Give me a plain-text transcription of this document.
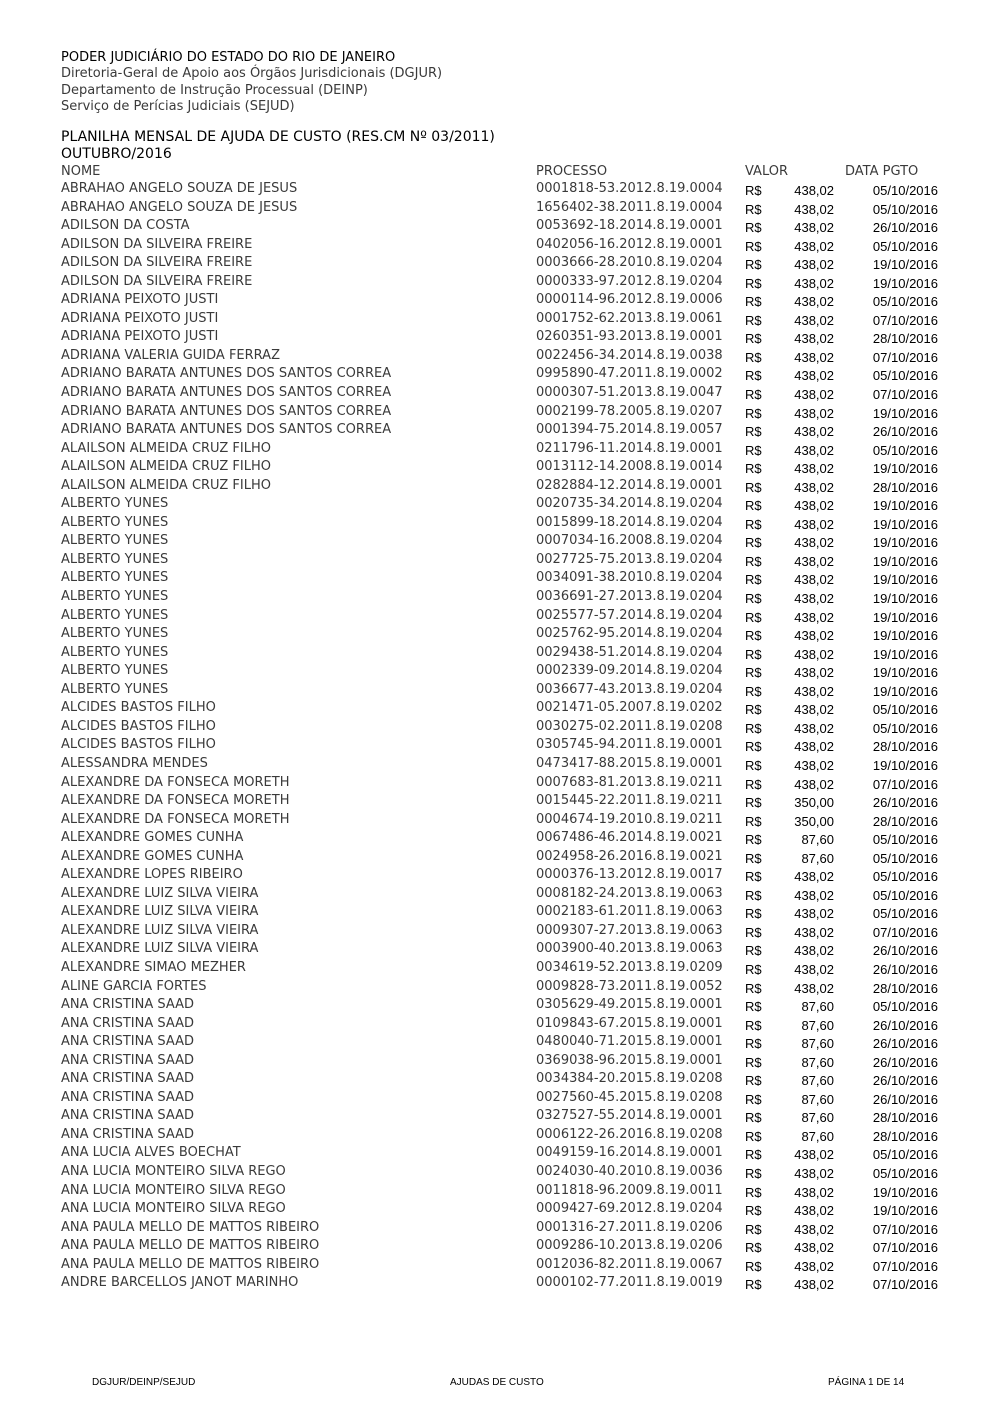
PODER JUDICIÁRIO DO ESTADO DO RIO DE JANEIRO
Diretoria-Geral de Apoio aos Órgãos Jurisdicionais (DGJUR)
Departamento de Instrução Processual (DEINP)
Serviço de Perícias Judiciais (SEJUD)
PLANILHA MENSAL DE AJUDA DE CUSTO (RES.CM Nº 03/2011)
OUTUBRO/2016
NOME	PROCESSO	VALOR	DATA PGTO
ABRAHAO ANGELO SOUZA DE JESUS	0001818-53.2012.8.19.0004 R$	438,02	05/10/2016
ABRAHAO ANGELO SOUZA DE JESUS	1656402-38.2011.8.19.0004 R$	438,02	05/10/2016
ADILSON DA COSTA	0053692-18.2014.8.19.0001 R$	438,02	26/10/2016
ADILSON DA SILVEIRA FREIRE	0402056-16.2012.8.19.0001 R$	438,02	05/10/2016
ADILSON DA SILVEIRA FREIRE	0003666-28.2010.8.19.0204 R$	438,02	19/10/2016
ADILSON DA SILVEIRA FREIRE	0000333-97.2012.8.19.0204 R$	438,02	19/10/2016
ADRIANA PEIXOTO JUSTI	0000114-96.2012.8.19.0006 R$	438,02	05/10/2016
ADRIANA PEIXOTO JUSTI	0001752-62.2013.8.19.0061 R$	438,02	07/10/2016
ADRIANA PEIXOTO JUSTI	0260351-93.2013.8.19.0001 R$	438,02	28/10/2016
ADRIANA VALERIA GUIDA FERRAZ	0022456-34.2014.8.19.0038 R$	438,02	07/10/2016
ADRIANO BARATA ANTUNES DOS SANTOS CORREA	0995890-47.2011.8.19.0002 R$	438,02	05/10/2016
ADRIANO BARATA ANTUNES DOS SANTOS CORREA	0000307-51.2013.8.19.0047 R$	438,02	07/10/2016
ADRIANO BARATA ANTUNES DOS SANTOS CORREA	0002199-78.2005.8.19.0207 R$	438,02	19/10/2016
ADRIANO BARATA ANTUNES DOS SANTOS CORREA	0001394-75.2014.8.19.0057 R$	438,02	26/10/2016
ALAILSON ALMEIDA CRUZ FILHO	0211796-11.2014.8.19.0001 R$	438,02	05/10/2016
ALAILSON ALMEIDA CRUZ FILHO	0013112-14.2008.8.19.0014 R$	438,02	19/10/2016
ALAILSON ALMEIDA CRUZ FILHO	0282884-12.2014.8.19.0001 R$	438,02	28/10/2016
ALBERTO YUNES	0020735-34.2014.8.19.0204 R$	438,02	19/10/2016
ALBERTO YUNES	0015899-18.2014.8.19.0204 R$	438,02	19/10/2016
ALBERTO YUNES	0007034-16.2008.8.19.0204 R$	438,02	19/10/2016
ALBERTO YUNES	0027725-75.2013.8.19.0204 R$	438,02	19/10/2016
ALBERTO YUNES	0034091-38.2010.8.19.0204 R$	438,02	19/10/2016
ALBERTO YUNES	0036691-27.2013.8.19.0204 R$	438,02	19/10/2016
ALBERTO YUNES	0025577-57.2014.8.19.0204 R$	438,02	19/10/2016
ALBERTO YUNES	0025762-95.2014.8.19.0204 R$	438,02	19/10/2016
ALBERTO YUNES	0029438-51.2014.8.19.0204 R$	438,02	19/10/2016
ALBERTO YUNES	0002339-09.2014.8.19.0204 R$	438,02	19/10/2016
ALBERTO YUNES	0036677-43.2013.8.19.0204 R$	438,02	19/10/2016
ALCIDES BASTOS FILHO	0021471-05.2007.8.19.0202 R$	438,02	05/10/2016
ALCIDES BASTOS FILHO	0030275-02.2011.8.19.0208 R$	438,02	05/10/2016
ALCIDES BASTOS FILHO	0305745-94.2011.8.19.0001 R$	438,02	28/10/2016
ALESSANDRA MENDES	0473417-88.2015.8.19.0001 R$	438,02	19/10/2016
ALEXANDRE DA FONSECA MORETH	0007683-81.2013.8.19.0211 R$	438,02	07/10/2016
ALEXANDRE DA FONSECA MORETH	0015445-22.2011.8.19.0211 R$	350,00	26/10/2016
ALEXANDRE DA FONSECA MORETH	0004674-19.2010.8.19.0211 R$	350,00	28/10/2016
ALEXANDRE GOMES CUNHA	0067486-46.2014.8.19.0021 R$	87,60	05/10/2016
ALEXANDRE GOMES CUNHA	0024958-26.2016.8.19.0021 R$	87,60	05/10/2016
ALEXANDRE LOPES RIBEIRO	0000376-13.2012.8.19.0017 R$	438,02	05/10/2016
ALEXANDRE LUIZ SILVA VIEIRA	0008182-24.2013.8.19.0063 R$	438,02	05/10/2016
ALEXANDRE LUIZ SILVA VIEIRA	0002183-61.2011.8.19.0063 R$	438,02	05/10/2016
ALEXANDRE LUIZ SILVA VIEIRA	0009307-27.2013.8.19.0063 R$	438,02	07/10/2016
ALEXANDRE LUIZ SILVA VIEIRA	0003900-40.2013.8.19.0063 R$	438,02	26/10/2016
ALEXANDRE SIMAO MEZHER	0034619-52.2013.8.19.0209 R$	438,02	26/10/2016
ALINE GARCIA FORTES	0009828-73.2011.8.19.0052 R$	438,02	28/10/2016
ANA CRISTINA SAAD	0305629-49.2015.8.19.0001 R$	87,60	05/10/2016
ANA CRISTINA SAAD	0109843-67.2015.8.19.0001 R$	87,60	26/10/2016
ANA CRISTINA SAAD	0480040-71.2015.8.19.0001 R$	87,60	26/10/2016
ANA CRISTINA SAAD	0369038-96.2015.8.19.0001 R$	87,60	26/10/2016
ANA CRISTINA SAAD	0034384-20.2015.8.19.0208 R$	87,60	26/10/2016
ANA CRISTINA SAAD	0027560-45.2015.8.19.0208 R$	87,60	26/10/2016
ANA CRISTINA SAAD	0327527-55.2014.8.19.0001 R$	87,60	28/10/2016
ANA CRISTINA SAAD	0006122-26.2016.8.19.0208 R$	87,60	28/10/2016
ANA LUCIA ALVES BOECHAT	0049159-16.2014.8.19.0001 R$	438,02	05/10/2016
ANA LUCIA MONTEIRO SILVA REGO	0024030-40.2010.8.19.0036 R$	438,02	05/10/2016
ANA LUCIA MONTEIRO SILVA REGO	0011818-96.2009.8.19.0011 R$	438,02	19/10/2016
ANA LUCIA MONTEIRO SILVA REGO	0009427-69.2012.8.19.0204 R$	438,02	19/10/2016
ANA PAULA MELLO DE MATTOS RIBEIRO	0001316-27.2011.8.19.0206 R$	438,02	07/10/2016
ANA PAULA MELLO DE MATTOS RIBEIRO	0009286-10.2013.8.19.0206 R$	438,02	07/10/2016
ANA PAULA MELLO DE MATTOS RIBEIRO	0012036-82.2011.8.19.0067 R$	438,02	07/10/2016
ANDRE BARCELLOS JANOT MARINHO	0000102-77.2011.8.19.0019 R$	438,02	07/10/2016
DGJUR/DEINP/SEJUD	AJUDAS DE CUSTO	PÁGINA 1 DE 14
